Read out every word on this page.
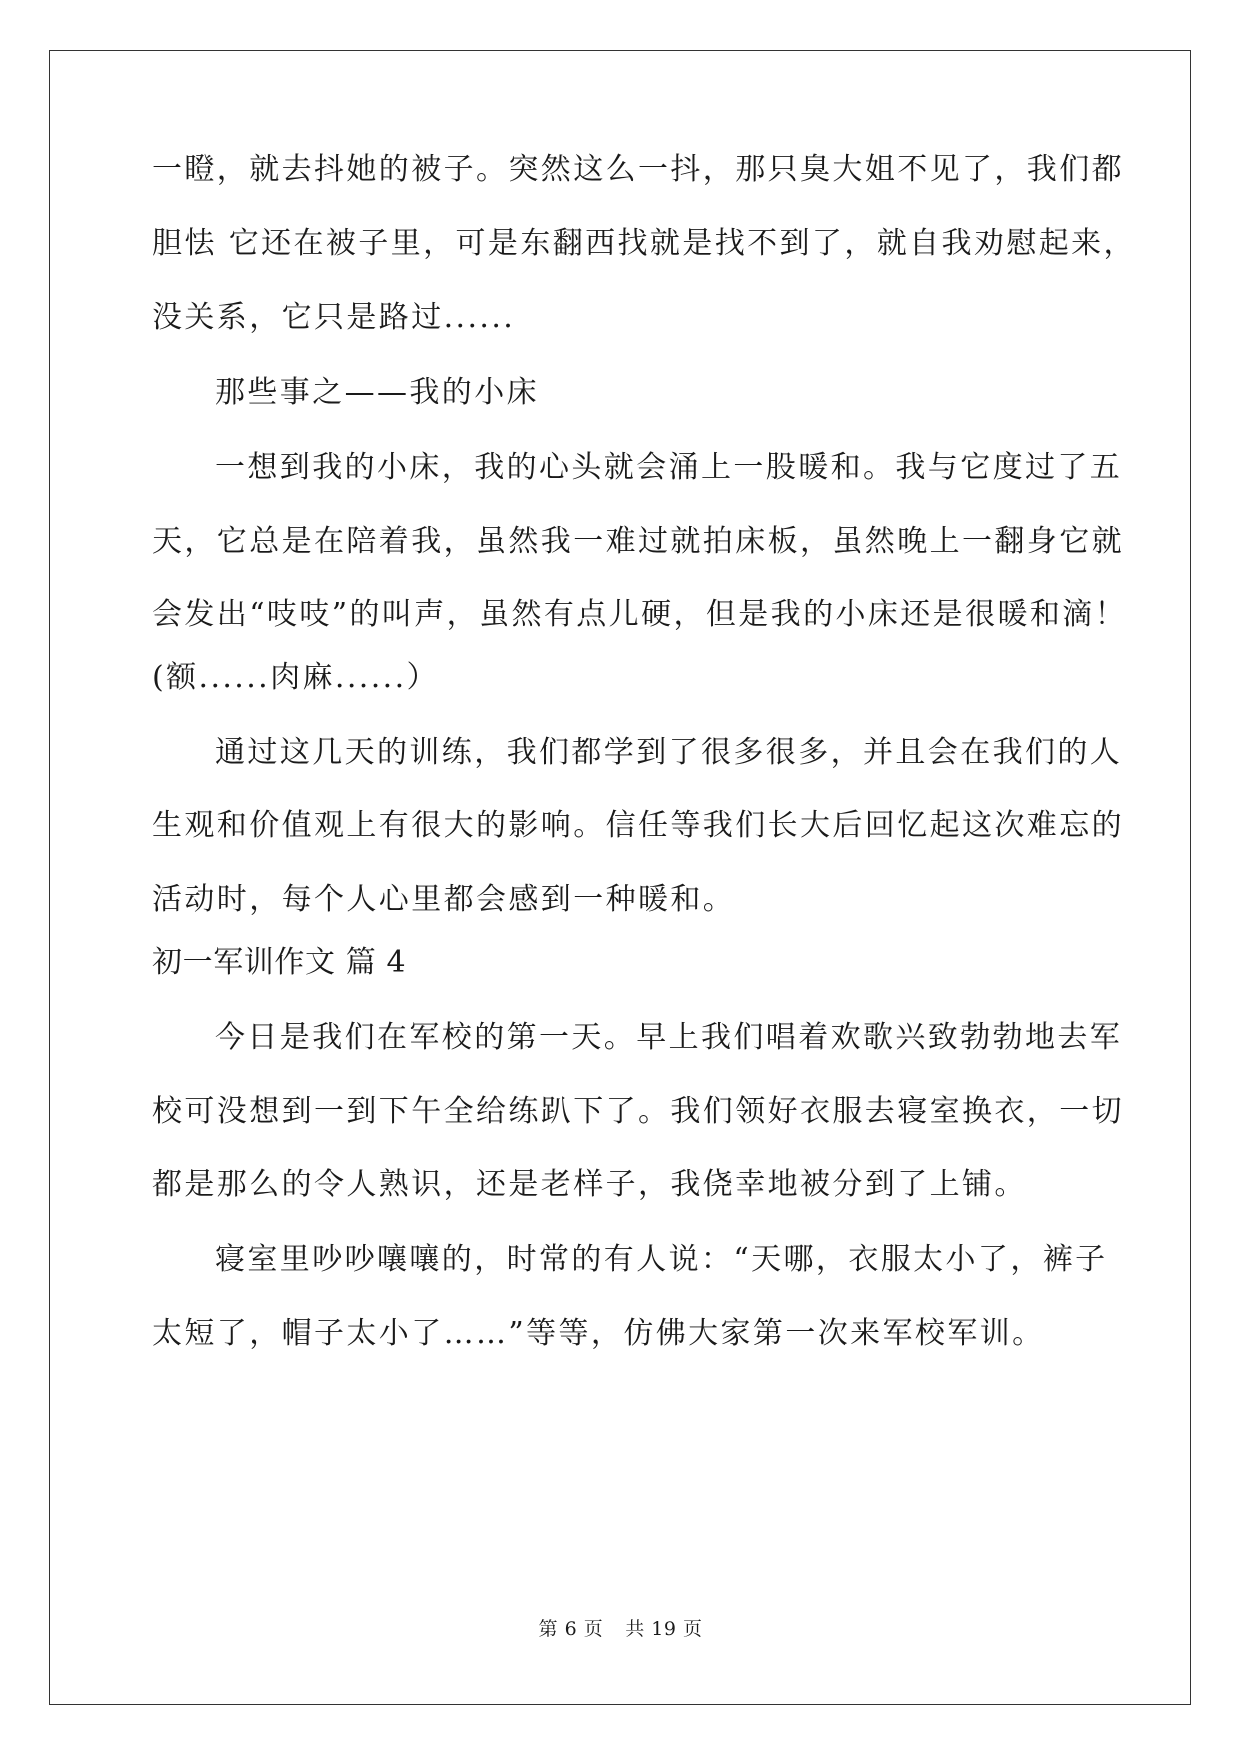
一瞪，就去抖她的被子。突然这么一抖，那只臭大姐不见了，我们都
胆怯 它还在被子里，可是东翻西找就是找不到了，就自我劝慰起来，
没关系，它只是路过......
那些事之——我的小床
一想到我的小床，我的心头就会涌上一股暖和。我与它度过了五
天，它总是在陪着我，虽然我一难过就拍床板，虽然晚上一翻身它就
会发出“吱吱”的叫声，虽然有点儿硬，但是我的小床还是很暖和滴！
(额......肉麻......）
通过这几天的训练，我们都学到了很多很多，并且会在我们的人
生观和价值观上有很大的影响。信任等我们长大后回忆起这次难忘的
活动时，每个人心里都会感到一种暖和。
初一军训作文 篇 4
今日是我们在军校的第一天。早上我们唱着欢歌兴致勃勃地去军
校可没想到一到下午全给练趴下了。我们领好衣服去寝室换衣，一切
都是那么的令人熟识，还是老样子，我侥幸地被分到了上铺。
寝室里吵吵嚷嚷的，时常的有人说：“天哪，衣服太小了，裤子
太短了，帽子太小了……”等等，仿佛大家第一次来军校军训。
第 6 页 共 19 页
